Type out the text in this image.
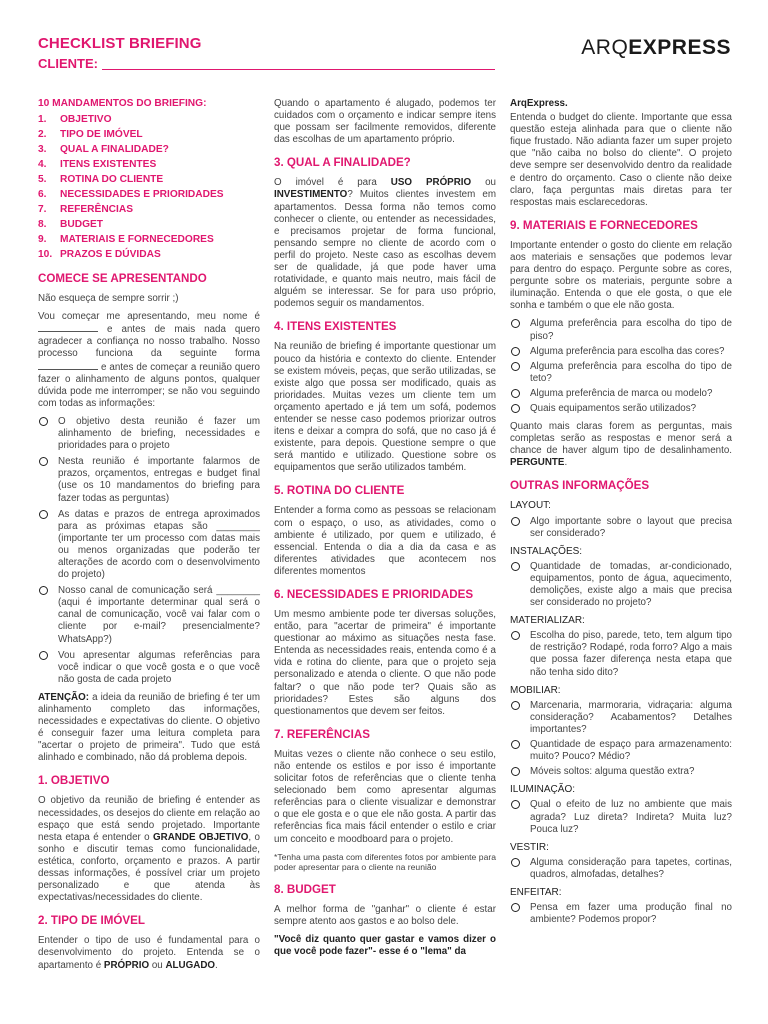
CHECKLIST BRIEFING
CLIENTE:
ARQEXPRESS
10 MANDAMENTOS DO BRIEFING:
1. OBJETIVO
2. TIPO DE IMÓVEL
3. QUAL A FINALIDADE?
4. ITENS EXISTENTES
5. ROTINA DO CLIENTE
6. NECESSIDADES E PRIORIDADES
7. REFERÊNCIAS
8. BUDGET
9. MATERIAIS E FORNECEDORES
10. PRAZOS E DÚVIDAS
COMECE SE APRESENTANDO

Não esqueça de sempre sorrir ;)

Vou começar me apresentando, meu nome é  e antes de mais nada quero agradecer a confiança no nosso trabalho. Nosso processo funciona da seguinte forma  e antes de começar a reunião quero fazer o alinhamento de alguns pontos, qualquer dúvida pode me interromper; se não vou seguindo com todas as informações:

O objetivo desta reunião é fazer um alinhamento de briefing, necessidades e prioridades para o projeto
Nesta reunião é importante falarmos de prazos, orçamentos, entregas e budget final (use os 10 mandamentos do briefing para fazer todas as perguntas)
As datas e prazos de entrega aproximados para as próximas etapas são ________ (importante ter um processo com datas mais ou menos organizadas que poderão ter alterações de acordo com o desenvolvimento do projeto)
Nosso canal de comunicação será ________ (aqui é importante determinar qual será o canal de comunicação, você vai falar com o cliente por e-mail? presencialmente? WhatsApp?)
Vou apresentar algumas referências para você indicar o que você gosta e o que você não gosta de cada projeto

ATENÇÃO: a ideia da reunião de briefing é ter um alinhamento completo das informações, necessidades e expectativas do cliente. O objetivo é conseguir fazer uma leitura completa para "acertar o projeto de primeira". Tudo que está alinhado e combinado, não dá problema depois.

1. OBJETIVO

O objetivo da reunião de briefing é entender as necessidades, os desejos do cliente em relação ao espaço que está sendo projetado. Importante nesta etapa é entender o GRANDE OBJETIVO, o sonho e discutir temas como funcionalidade, estética, conforto, orçamento e prazos. A partir dessas informações, é possível criar um projeto personalizado e que atenda às expectativas/necessidades do cliente.

2. TIPO DE IMÓVEL

Entender o tipo de uso é fundamental para o desenvolvimento do projeto. Entenda se o apartamento é PRÓPRIO ou ALUGADO.

Quando o apartamento é alugado, podemos ter cuidados com o orçamento e indicar sempre itens que possam ser facilmente removidos, diferente das escolhas de um apartamento próprio.

3. QUAL A FINALIDADE?

O imóvel é para USO PRÓPRIO ou INVESTIMENTO? Muitos clientes investem em apartamentos. Dessa forma não temos como conhecer o cliente, ou entender as necessidades, e precisamos projetar de forma funcional, pensando sempre no cliente de acordo com o perfil do projeto. Neste caso as escolhas devem ser de qualidade, já que pode haver uma rotatividade, e quanto mais neutro, mais fácil de alguém se interessar. Se for para uso próprio, podemos seguir os mandamentos.

4. ITENS EXISTENTES

Na reunião de briefing é importante questionar um pouco da história e contexto do cliente. Entender se existem móveis, peças, que serão utilizadas, se existe algo que possa ser modificado, quais as prioridades. Muitas vezes um cliente tem um orçamento apertado e já tem um sofá, podemos entender se nesse caso podemos priorizar outros itens e deixar a compra do sofá, que no caso já é existente, para depois. Questione sempre o que será mantido e utilizado. Questione sobre os equipamentos que serão utilizados também.

5. ROTINA DO CLIENTE

Entender a forma como as pessoas se relacionam com o espaço, o uso, as atividades, como o ambiente é utilizado, por quem e utilizado, é essencial. Entenda o dia a dia da casa e as diferentes atividades que acontecem nos diferentes momentos

6. NECESSIDADES E PRIORIDADES

Um mesmo ambiente pode ter diversas soluções, então, para "acertar de primeira" é importante questionar ao máximo as situações nesta fase. Entenda as necessidades reais, entenda como é a vida e rotina do cliente, para que o projeto seja personalizado e atenda o cliente. O que não pode faltar? o que não pode ter? Quais são as prioridades? Estes são alguns dos questionamentos que devem ser feitos.

7. REFERÊNCIAS

Muitas vezes o cliente não conhece o seu estilo, não entende os estilos e por isso é importante solicitar fotos de referências que o cliente tenha selecionado bem como apresentar algumas referências para o cliente visualizar e demonstrar o que ele gosta e o que ele não gosta. A partir das referências fica mais fácil entender o estilo e criar um conceito e moodboard para o projeto.

*Tenha uma pasta com diferentes fotos por ambiente para poder apresentar para o cliente na reunião

8. BUDGET

A melhor forma de "ganhar" o cliente é estar sempre atento aos gastos e ao bolso dele.

"Você diz quanto quer gastar e vamos dizer o que você pode fazer"- esse é o "lema" da

ArqExpress.

Entenda o budget do cliente. Importante que essa questão esteja alinhada para que o cliente não fique frustado. Não adianta fazer um super projeto que "não caiba no bolso do cliente". O projeto deve sempre ser desenvolvido dentro da realidade e dentro do orçamento. Caso o cliente não deixe claro, faça perguntas mais diretas para ter respostas mais esclarecedoras.

9. MATERIAIS E FORNECEDORES

Importante entender o gosto do cliente em relação aos materiais e sensações que podemos levar para dentro do espaço. Pergunte sobre as cores, pergunte sobre os materiais, pergunte sobre a iluminação. Entenda o que ele gosta, o que ele sonha e também o que ele não gosta.

Alguma preferência para escolha do tipo de piso?
Alguma preferência para escolha das cores?
Alguma preferência para escolha do tipo de teto?
Alguma preferência de marca ou modelo?
Quais equipamentos serão utilizados?

Quanto mais claras forem as perguntas, mais completas serão as respostas e menor será a chance de haver algum tipo de desalinhamento. PERGUNTE.

OUTRAS INFORMAÇÕES
LAYOUT:
Algo importante sobre o layout que precisa ser considerado?
INSTALAÇÕES:
Quantidade de tomadas, ar-condicionado, equipamentos, ponto de água, aquecimento, demolições, existe algo a mais que precisa ser considerado no projeto?
MATERIALIZAR:
Escolha do piso, parede, teto, tem algum tipo de restrição? Rodapé, roda forro? Algo a mais que possa fazer diferença nesta etapa que não tenha sido dito?
MOBILIAR:
Marcenaria, marmoraria, vidraçaria: alguma consideração? Acabamentos? Detalhes importantes?
Quantidade de espaço para armazenamento: muito? Pouco? Médio?
Móveis soltos: alguma questão extra?
ILUMINAÇÃO:
Qual o efeito de luz no ambiente que mais agrada? Luz direta? Indireta? Muita luz? Pouca luz?
VESTIR:
Alguma consideração para tapetes, cortinas, quadros, almofadas, detalhes?
ENFEITAR:
Pensa em fazer uma produção final no ambiente? Podemos propor?
